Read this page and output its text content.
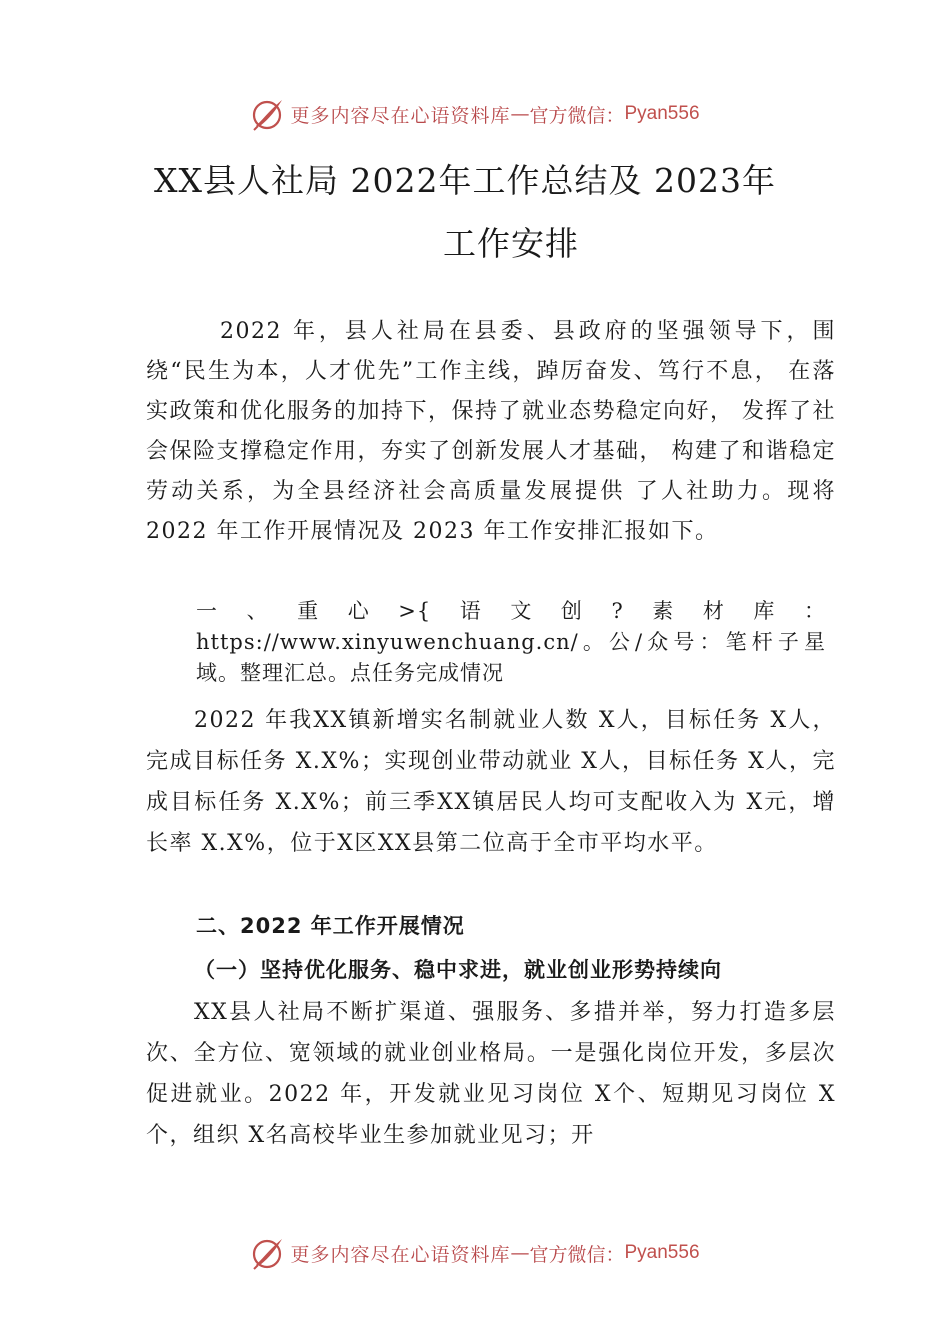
更多内容尽在心语资料库 — 官方微信： Pyan556
XX县人社局 2022年工作总结及 2023年
工作安排

2022 年，县人社局在县委、县政府的坚强领导下，围绕“民生为本，人才优先”工作主线，踔厉奋发、笃行不息， 在落实政策和优化服务的加持下，保持了就业态势稳定向好， 发挥了社会保险支撑稳定作用，夯实了创新发展人才基础， 构建了和谐稳定劳动关系，为全县经济社会高质量发展提供 了人社助力。现将 2022 年工作开展情况及 2023 年工作安排汇报如下。

一、重心>{语文创?素材库：https://www.xinyuwenchuang.cn/。公/众号：笔杆子星域。整理汇总。点任务完成情况

2022 年我XX镇新增实名制就业人数 X人，目标任务 X人，完成目标任务 X.X%；实现创业带动就业 X人，目标任务 X人，完成目标任务 X.X%；前三季XX镇居民人均可支配收入为 X元，增长率 X.X%，位于X区XX县第二位高于全市平均水平。

二、2022 年工作开展情况
（一）坚持优化服务、稳中求进，就业创业形势持续向

XX县人社局不断扩渠道、强服务、多措并举，努力打造多层次、全方位、宽领域的就业创业格局。一是强化岗位开发，多层次促进就业。2022 年，开发就业见习岗位 X个、短期见习岗位 X个，组织 X名高校毕业生参加就业见习；开

更多内容尽在心语资料库 — 官方微信： Pyan556
